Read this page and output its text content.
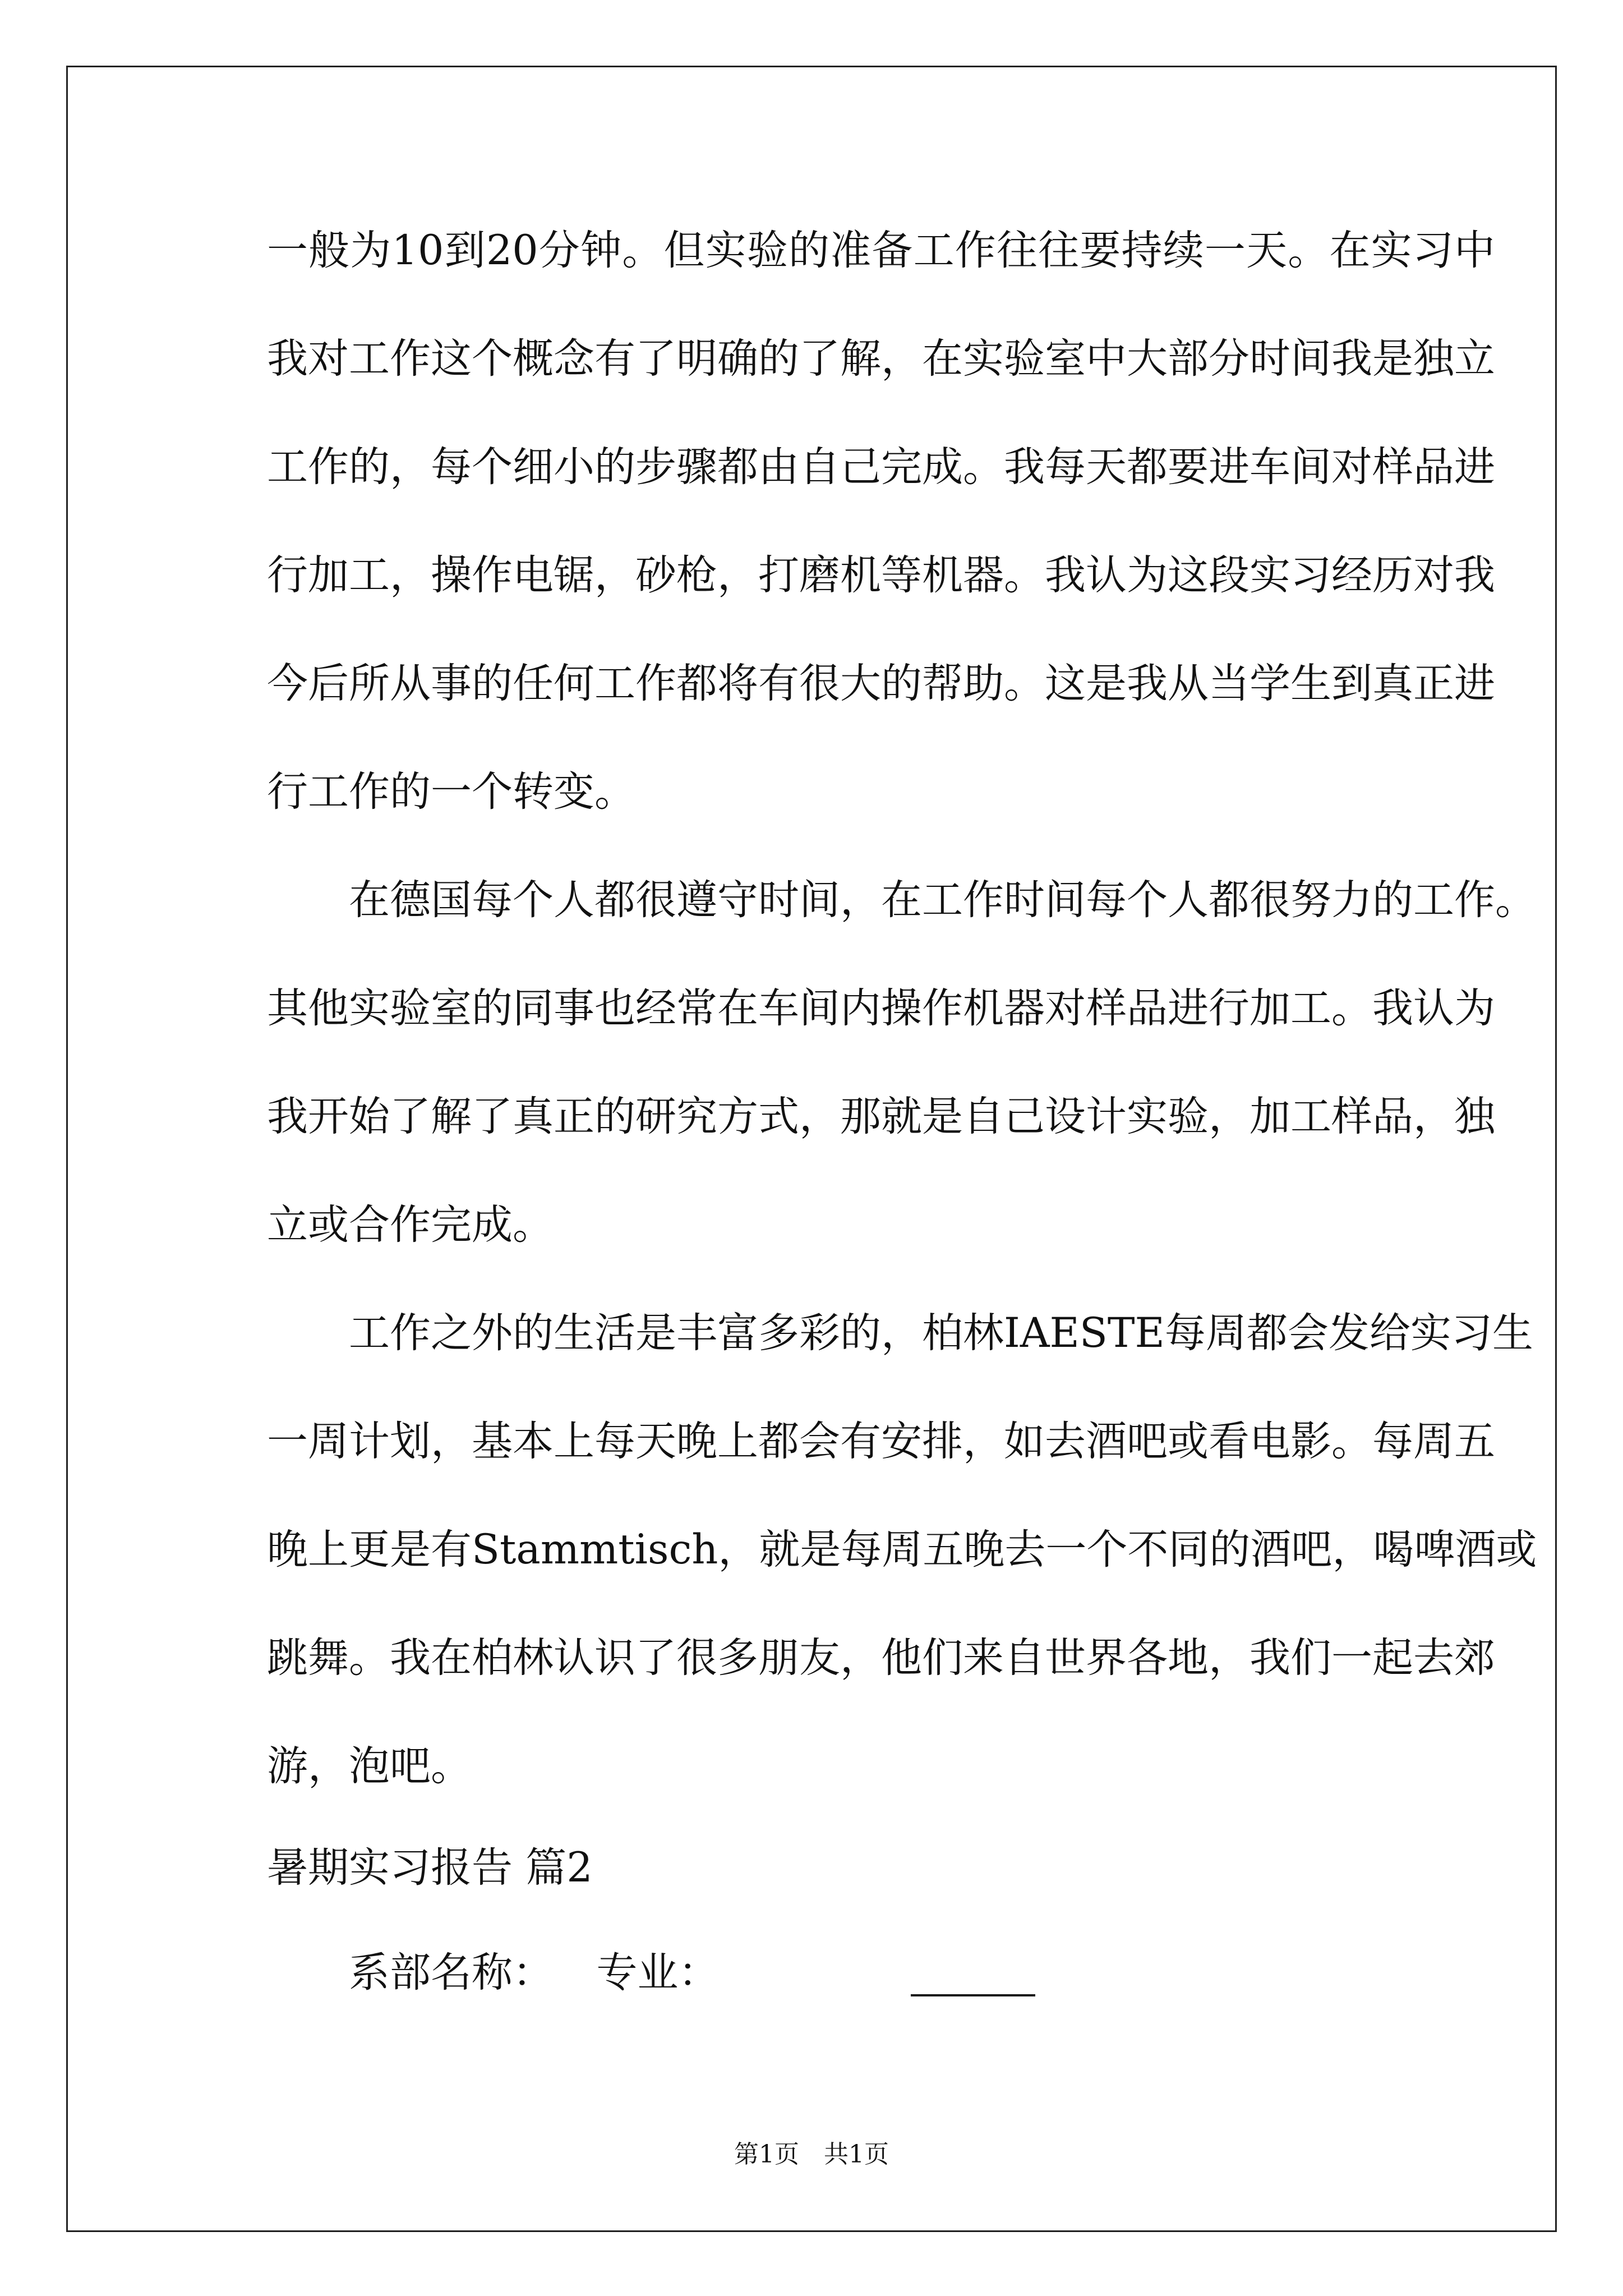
一般为10到20分钟。但实验的准备工作往往要持续一天。在实习中
我对工作这个概念有了明确的了解，在实验室中大部分时间我是独立
工作的，每个细小的步骤都由自己完成。我每天都要进车间对样品进
行加工，操作电锯，砂枪，打磨机等机器。我认为这段实习经历对我
今后所从事的任何工作都将有很大的帮助。这是我从当学生到真正进
行工作的一个转变。
在德国每个人都很遵守时间，在工作时间每个人都很努力的工作。
其他实验室的同事也经常在车间内操作机器对样品进行加工。我认为
我开始了解了真正的研究方式，那就是自己设计实验，加工样品，独
立或合作完成。
工作之外的生活是丰富多彩的，柏林IAESTE每周都会发给实习生
一周计划，基本上每天晚上都会有安排，如去酒吧或看电影。每周五
晚上更是有Stammtisch，就是每周五晚去一个不同的酒吧，喝啤酒或
跳舞。我在柏林认识了很多朋友，他们来自世界各地，我们一起去郊
游，泡吧。
暑期实习报告 篇2
系部名称： 专业：
第1页　共1页
